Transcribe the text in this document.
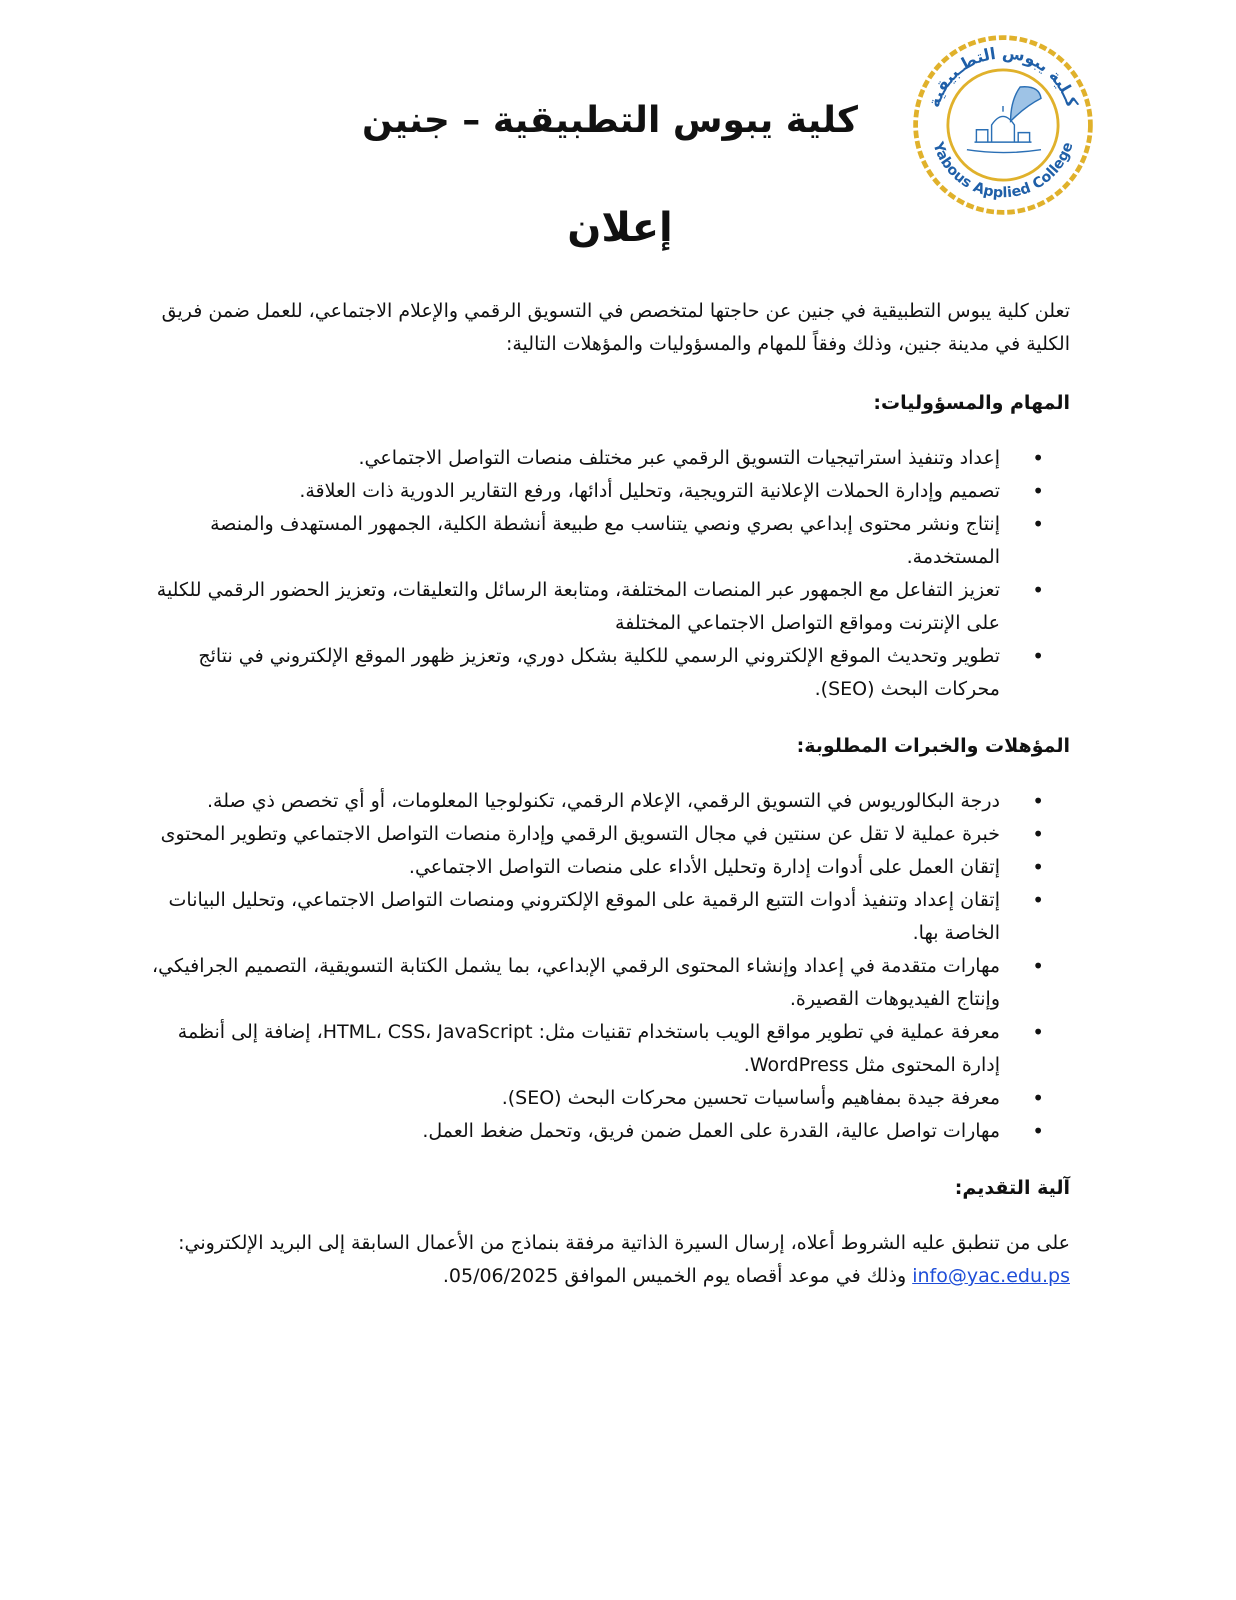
كـلية يبوس التطـبيقية
Yabous Applied College
كلية يبوس التطبيقية – جنين
إعلان

تعلن كلية يبوس التطبيقية في جنين عن حاجتها لمتخصص في التسويق الرقمي والإعلام الاجتماعي، للعمل ضمن فريق الكلية في مدينة جنين، وذلك وفقاً للمهام والمسؤوليات والمؤهلات التالية:

المهام والمسؤوليات:

• إعداد وتنفيذ استراتيجيات التسويق الرقمي عبر مختلف منصات التواصل الاجتماعي.
• تصميم وإدارة الحملات الإعلانية الترويجية، وتحليل أدائها، ورفع التقارير الدورية ذات العلاقة.
• إنتاج ونشر محتوى إبداعي بصري ونصي يتناسب مع طبيعة أنشطة الكلية، الجمهور المستهدف والمنصة المستخدمة.
• تعزيز التفاعل مع الجمهور عبر المنصات المختلفة، ومتابعة الرسائل والتعليقات، وتعزيز الحضور الرقمي للكلية على الإنترنت ومواقع التواصل الاجتماعي المختلفة
• تطوير وتحديث الموقع الإلكتروني الرسمي للكلية بشكل دوري، وتعزيز ظهور الموقع الإلكتروني في نتائج محركات البحث (SEO).

المؤهلات والخبرات المطلوبة:

• درجة البكالوريوس في التسويق الرقمي، الإعلام الرقمي، تكنولوجيا المعلومات، أو أي تخصص ذي صلة.
• خبرة عملية لا تقل عن سنتين في مجال التسويق الرقمي وإدارة منصات التواصل الاجتماعي وتطوير المحتوى
• إتقان العمل على أدوات إدارة وتحليل الأداء على منصات التواصل الاجتماعي.
• إتقان إعداد وتنفيذ أدوات التتبع الرقمية على الموقع الإلكتروني ومنصات التواصل الاجتماعي، وتحليل البيانات الخاصة بها.
• مهارات متقدمة في إعداد وإنشاء المحتوى الرقمي الإبداعي، بما يشمل الكتابة التسويقية، التصميم الجرافيكي، وإنتاج الفيديوهات القصيرة.
• معرفة عملية في تطوير مواقع الويب باستخدام تقنيات مثل: HTML، CSS، JavaScript، إضافة إلى أنظمة إدارة المحتوى مثل WordPress.
• معرفة جيدة بمفاهيم وأساسيات تحسين محركات البحث (SEO).
• مهارات تواصل عالية، القدرة على العمل ضمن فريق، وتحمل ضغط العمل.

آلية التقديم:

على من تنطبق عليه الشروط أعلاه، إرسال السيرة الذاتية مرفقة بنماذج من الأعمال السابقة إلى البريد الإلكتروني: info@yac.edu.ps وذلك في موعد أقصاه يوم الخميس الموافق 05/06/2025.
